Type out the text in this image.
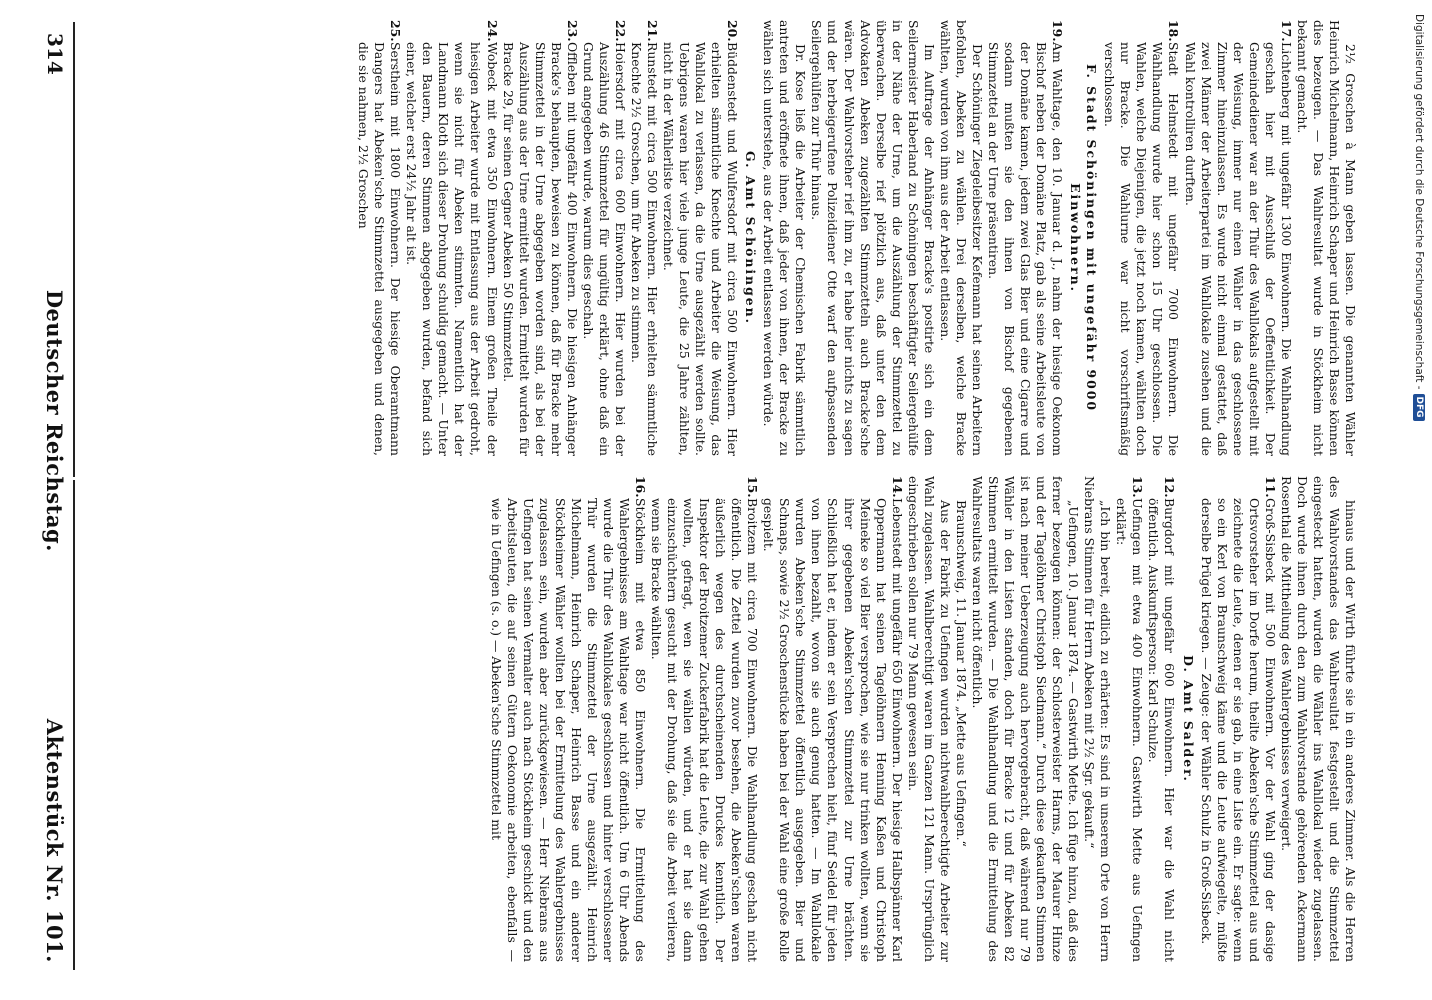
314
Deutscher Reichstag.
Aktenstück Nr. 101.	hinaus und der Wirth führte sie in ein anderes Zimmer. Als die Herren des Wahlvorstandes das Wahlresultat festgestellt und die Stimmzettel eingesteckt hatten, wurden die Wähler ins Wahllokal wieder zugelassen. Doch wurde ihnen durch den zum Wahlvorstande gehörenden Ackermann Rosenthal die Mittheilung des Wahlergebnisses verweigert.

11.
Groß-Sisbeck mit 500 Einwohnern. Vor der Wahl ging der dasige Ortsvorsteher im Dorfe herum, theilte Abeken'sche Stimmzettel aus und zeichnete die Leute, denen er sie gab, in eine Liste ein. Er sagte: wenn so ein Kerl von Braunschweig käme und die Leute aufwiegelte, müßte derselbe Prügel kriegen. — Zeuge: der Wähler Schulz in Groß-Sisbeck.

D. Amt Salder.

12.
Burgdorf mit ungefähr 600 Einwohnern. Hier war die Wahl nicht öffentlich. Auskunftsperson: Karl Schulze.
13.
Uefingen mit etwa 400 Einwohnern. Gastwirth Mette aus Uefingen erklärt:

„Ich bin bereit, eidlich zu erhärten: Es sind in unserem Orte von Herrn Niebrans Stimmen für Herrn Abeken mit 2½ Sgr. gekauft.“

„Uefingen, 10. Januar 1874. — Gastwirth Mette. Ich füge hinzu, daß dies ferner bezeugen können: der Schlosterweister Harms, der Maurer Hinze und der Tagelöhner Christoph Siedmann.“ Durch diese gekauften Stimmen ist nach meiner Ueberzeugung auch hervorgebracht, daß während nur 79 Wähler in den Listen standen, doch für Bracke 12 und für Abeken 82 Stimmen ermittelt wurden. — Die Wahlhandlung und die Ermittelung des Wahlresultats waren nicht öffentlich.

Braunschweig, 11. Januar 1874. „Mette aus Uefingen.“

Aus der Fabrik zu Uefingen wurden nichtwahlberechtigte Arbeiter zur Wahl zugelassen. Wahlberechtigt waren im Ganzen 121 Mann. Ursprünglich eingeschrieben sollen nur 79 Mann gewesen sein.

14.
Lebenstedt mit ungefähr 650 Einwohnern. Der hiesige Halbspänner Karl Oppermann hat seinen Tagelöhnern Henning Kaßen und Christoph Meineke so viel Bier versprochen, wie sie nur trinken wollten, wenn sie ihrer gegebenen Abeken'schen Stimmzettel zur Urne brächten. Schließlich hat er, indem er sein Versprechen hielt, fünf Seidel für jeden von ihnen bezahlt, wovon sie auch genug hatten. — Im Wahllokale wurden Abeken'sche Stimmzettel öffentlich ausgegeben. Bier und Schnaps, sowie 2½ Groschenstücke haben bei der Wahl eine große Rolle gespielt.
15.
Broitzem mit circa 700 Einwohnern. Die Wahlhandlung geschah nicht öffentlich. Die Zettel wurden zuvor besehen, die Abeken'schen waren äußerlich wegen des durchscheinenden Druckes kenntlich. Der Inspektor der Broitzemer Zuckerfabrik hat die Leute, die zur Wahl gehen wollten, gefragt, wen sie wählen würden, und er hat sie dann einzuschüchtern gesucht mit der Drohung, daß sie die Arbeit verlieren, wenn sie Bracke wählten.
16.
Stöckheim mit etwa 850 Einwohnern. Die Ermittelung des Wahlergebnisses am Wahltage war nicht öffentlich. Um 6 Uhr Abends wurde die Thür des Wahllokales geschlossen und hinter verschlossener Thür wurden die Stimmzettel der Urne ausgezählt. Heinrich Michelmann, Heinrich Schaper, Heinrich Basse und ein anderer Stöckheimer Wähler wollten bei der Ermittelung des Wahlergebnisses zugelassen sein, wurden aber zurückgewiesen. — Herr Niebrans aus Uefingen hat seinen Vermalter auch nach Stöckheim geschickt und den Arbeitsleuten, die auf seinen Gütern Oekonomie arbeiten, ebenfalls — wie in Uefingen (s. o.) — Abeken'sche Stimmzettel mit

2½ Groschen à Mann geben lassen. Die genannten Wähler Heinrich Michelmann, Heinrich Schaper und Heinrich Basse können dies bezeugen. — Das Wahlresultat wurde in Stöckheim nicht bekannt gemacht.

17.
Lichtenberg mit ungefähr 1300 Einwohnern. Die Wahlhandlung geschah hier mit Ausschluß der Oeffentlichkeit. Der Gemeindediener war an der Thür des Wahllokals aufgestellt mit der Weisung, immer nur einen Wähler in das geschlossene Zimmer hineinzulassen. Es wurde nicht einmal gestattet, daß zwei Männer der Arbeiterpartei im Wahllokale zusehen und die Wahl kontrolliren durften.
18.
Stadt Helmstedt mit ungefähr 7000 Einwohnern. Die Wahlhandlung wurde hier schon 15 Uhr geschlossen. Die Wahlen, welche Diejenigen, die jetzt noch kamen, wählten doch nur Bracke. Die Wahlurne war nicht vorschriftsmäßig verschlossen.

F. Stadt Schöningen mit ungefähr 9000 Einwohnern.

19.
Am Wahltage, den 10. Januar d. J., nahm der hiesige Oekonom Bischof neben der Domäne Platz, gab als seine Arbeitsleute von der Domäne kamen, jedem zwei Glas Bier und eine Cigarre und sodann mußten sie den ihnen von Bischof gegebenen Stimmzettel an der Urne präsentiren.

Der Schöninger Ziegeleibesitzer Kefemann hat seinen Arbeitern befohlen, Abeken zu wählen. Drei derselben, welche Bracke wählten, wurden von ihm aus der Arbeit entlassen.

Im Auftrage der Anhänger Bracke's postirte sich ein dem Seilermeister Haberland zu Schöningen beschäftigter Seilergehülfe in der Nähe der Urne, um die Auszählung der Stimmzettel zu überwachen. Derselbe rief plötzlich aus, daß unter den dem Advokaten Abeken zugezählten Stimmzetteln auch Bracke'sche wären. Der Wahlvorsteher rief ihm zu, er habe hier nichts zu sagen und der herbeigerufene Polizeidiener Otte warf den aufpassenden Seilergehülfen zur Thür hinaus.

Dr. Kose ließ die Arbeiter der Chemischen Fabrik sämmtlich antreten und eröffnete ihnen, daß jeder von ihnen, der Bracke zu wählen sich unterstehe, aus der Arbeit entlassen werden würde.

G. Amt Schöningen.

20.
Büddenstedt und Wulfersdorf mit circa 500 Einwohnern. Hier erhielten sämmtliche Knechte und Arbeiter die Weisung, das Wahllokal zu verlassen, da die Urne ausgezählt werden sollte. Uebrigens waren hier viele junge Leute, die 25 Jahre zählten, nicht in der Wählerliste verzeichnet.
21.
Runstedt mit circa 500 Einwohnern. Hier erhielten sämmtliche Knechte 2½ Groschen, um für Abeken zu stimmen.
22.
Hoiersdorf mit circa 600 Einwohnern. Hier wurden bei der Auszählung 46 Stimmzettel für ungültig erklärt, ohne daß ein Grund angegeben wurde, warum dies geschah.
23.
Offleben mit ungefähr 400 Einwohnern. Die hiesigen Anhänger Bracke's behaupten, beweisen zu können, daß für Bracke mehr Stimmzettel in der Urne abgegeben worden sind, als bei der Auszählung aus der Urne ermittelt wurden. Ermittelt wurden für Bracke 29, für seinen Gegner Abeken 50 Stimmzettel.
24.
Wobeck mit etwa 350 Einwohnern. Einem großen Theile der hiesigen Arbeiter wurde mit Entlassung aus der Arbeit gedroht, wenn sie nicht für Abeken stimmten. Namentlich hat der Landmann Kloth sich dieser Drohung schuldig gemacht. — Unter den Bauern, deren Stimmen abgegeben wurden, befand sich einer, welcher erst 24½ Jahr alt ist.
25.
Serstheim mit 1800 Einwohnern. Der hiesige Oberamtmann Dangers hat Abeken'sche Stimmzettel ausgegeben und denen, die sie nahmen, 2½ Groschen	Digitalisierung gefördert durch die Deutsche Forschungsgemeinschaft -
DFG
